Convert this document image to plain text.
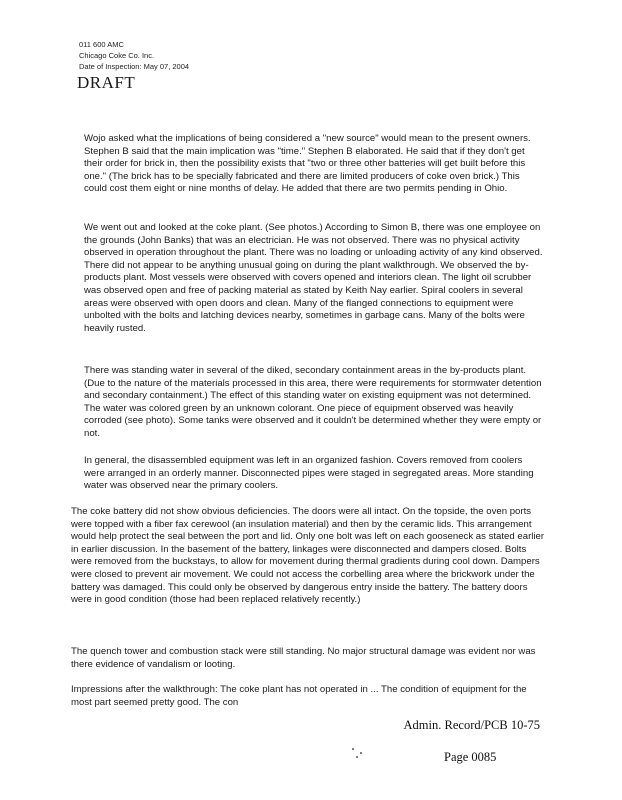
011 600 AMC
Chicago Coke Co. Inc.
Date of Inspection: May 07, 2004
DRAFT
Wojo asked what the implications of being considered a "new source" would mean to the present owners. Stephen B said that the main implication was "time." Stephen B elaborated. He said that if they don't get their order for brick in, then the possibility exists that "two or three other batteries will get built before this one." (The brick has to be specially fabricated and there are limited producers of coke oven brick.) This could cost them eight or nine months of delay. He added that there are two permits pending in Ohio.
We went out and looked at the coke plant. (See photos.) According to Simon B, there was one employee on the grounds (John Banks) that was an electrician. He was not observed. There was no physical activity observed in operation throughout the plant. There was no loading or unloading activity of any kind observed. There did not appear to be anything unusual going on during the plant walkthrough. We observed the by-products plant. Most vessels were observed with covers opened and interiors clean. The light oil scrubber was observed open and free of packing material as stated by Keith Nay earlier. Spiral coolers in several areas were observed with open doors and clean. Many of the flanged connections to equipment were unbolted with the bolts and latching devices nearby, sometimes in garbage cans. Many of the bolts were heavily rusted.
There was standing water in several of the diked, secondary containment areas in the by-products plant. (Due to the nature of the materials processed in this area, there were requirements for stormwater detention and secondary containment.) The effect of this standing water on existing equipment was not determined. The water was colored green by an unknown colorant. One piece of equipment observed was heavily corroded (see photo). Some tanks were observed and it couldn't be determined whether they were empty or not.
In general, the disassembled equipment was left in an organized fashion. Covers removed from coolers were arranged in an orderly manner. Disconnected pipes were staged in segregated areas. More standing water was observed near the primary coolers.
The coke battery did not show obvious deficiencies. The doors were all intact. On the topside, the oven ports were topped with a fiber fax cerewool (an insulation material) and then by the ceramic lids. This arrangement would help protect the seal between the port and lid. Only one bolt was left on each gooseneck as stated earlier in earlier discussion. In the basement of the battery, linkages were disconnected and dampers closed. Bolts were removed from the buckstays, to allow for movement during thermal gradients during cool down. Dampers were closed to prevent air movement. We could not access the corbelling area where the brickwork under the battery was damaged. This could only be observed by dangerous entry inside the battery. The battery doors were in good condition (those had been replaced relatively recently.)
The quench tower and combustion stack were still standing. No major structural damage was evident nor was there evidence of vandalism or looting.
Impressions after the walkthrough: The coke plant has not operated in ... The condition of equipment for the most part seemed pretty good. The con
Admin. Record/PCB 10-75
Page 0085
